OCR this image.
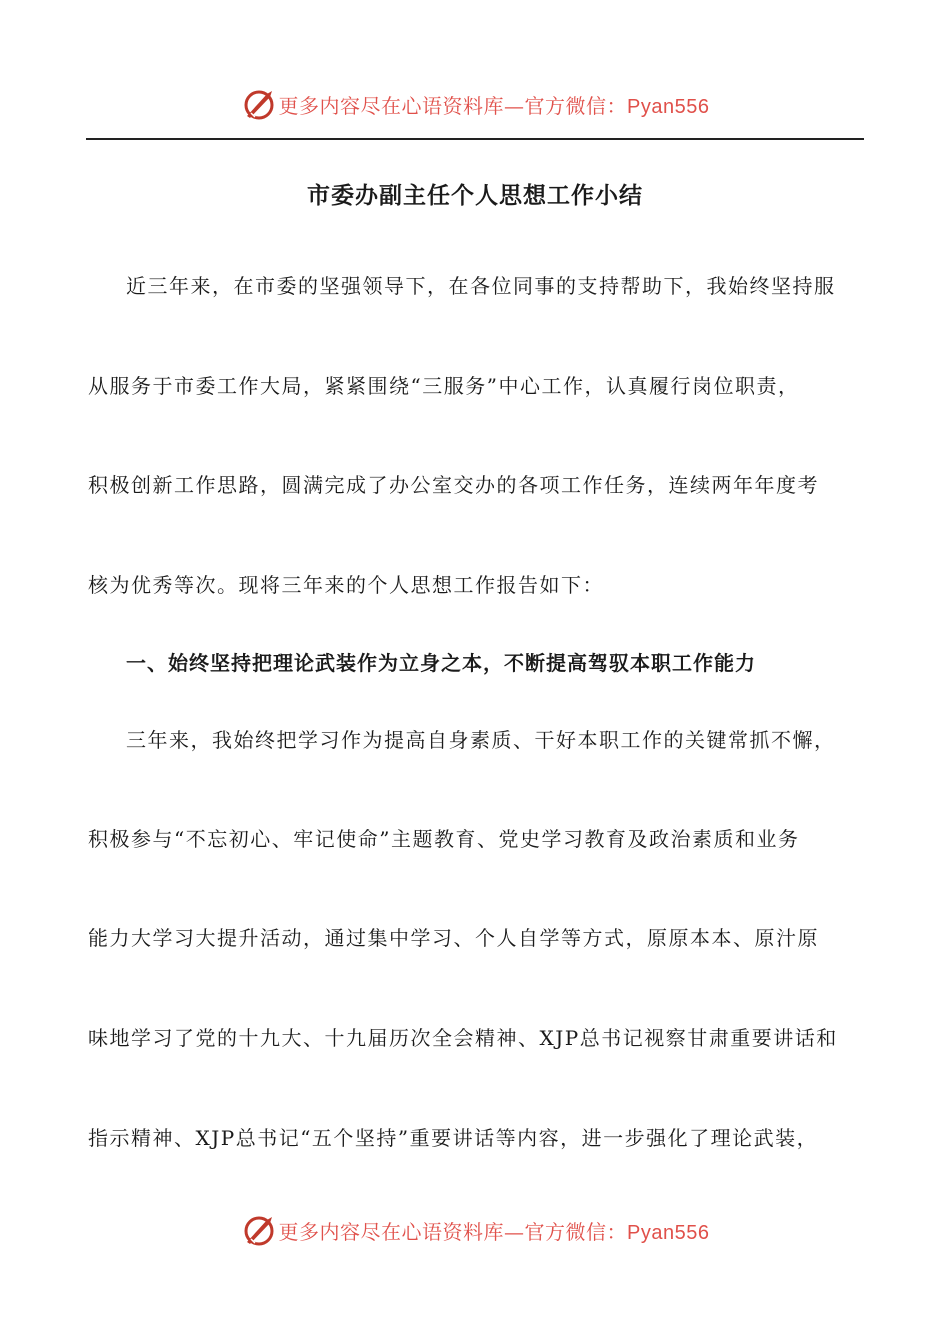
更多内容尽在心语资料库—官方微信：Pyan556
市委办副主任个人思想工作小结
近三年来，在市委的坚强领导下，在各位同事的支持帮助下，我始终坚持服
从服务于市委工作大局，紧紧围绕“三服务”中心工作，认真履行岗位职责，
积极创新工作思路，圆满完成了办公室交办的各项工作任务，连续两年年度考
核为优秀等次。现将三年来的个人思想工作报告如下：
一、始终坚持把理论武装作为立身之本，不断提高驾驭本职工作能力
三年来，我始终把学习作为提高自身素质、干好本职工作的关键常抓不懈，
积极参与“不忘初心、牢记使命”主题教育、党史学习教育及政治素质和业务
能力大学习大提升活动，通过集中学习、个人自学等方式，原原本本、原汁原
味地学习了党的十九大、十九届历次全会精神、XJP总书记视察甘肃重要讲话和
指示精神、XJP总书记“五个坚持”重要讲话等内容，进一步强化了理论武装，
更多内容尽在心语资料库—官方微信：Pyan556
